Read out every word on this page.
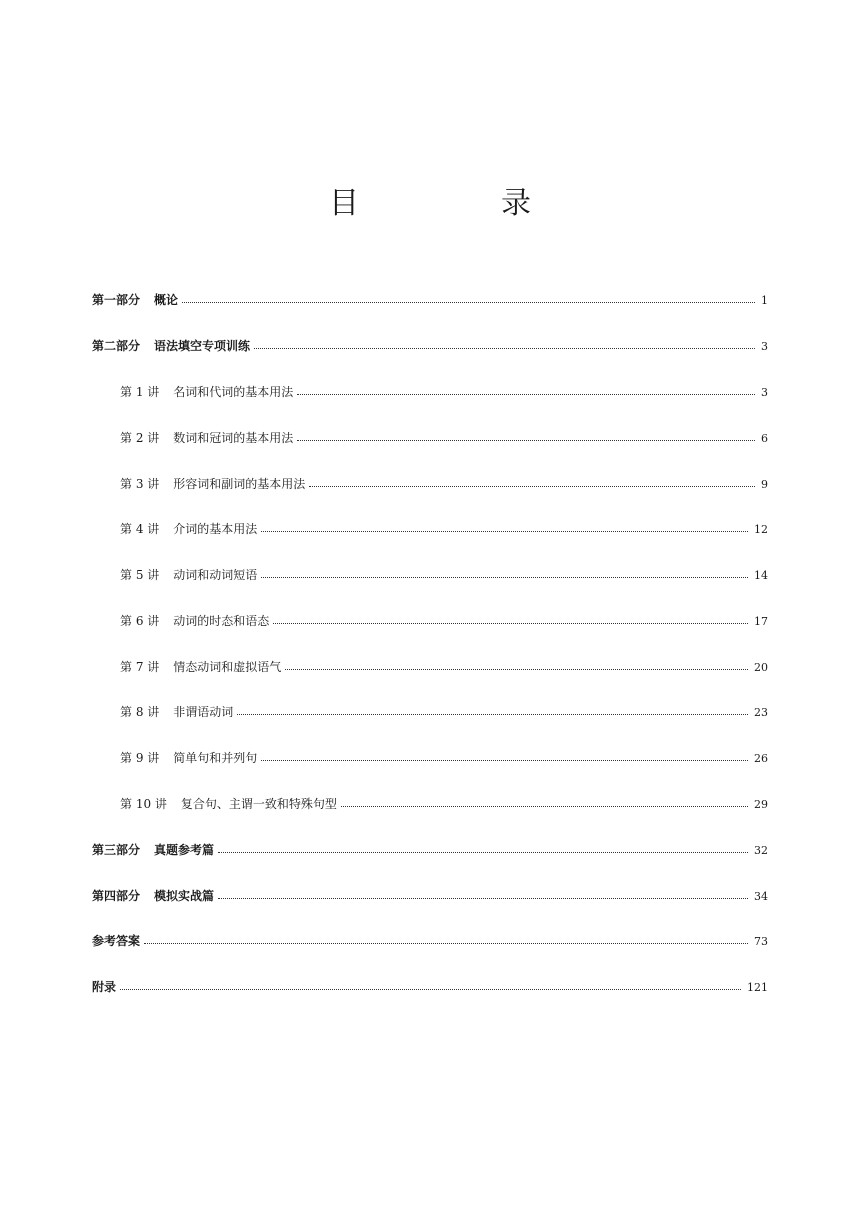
目　录
第一部分 概论	1
第二部分 语法填空专项训练	3
第 1 讲 名词和代词的基本用法	3
第 2 讲 数词和冠词的基本用法	6
第 3 讲 形容词和副词的基本用法	9
第 4 讲 介词的基本用法	12
第 5 讲 动词和动词短语	14
第 6 讲 动词的时态和语态	17
第 7 讲 情态动词和虚拟语气	20
第 8 讲 非谓语动词	23
第 9 讲 简单句和并列句	26
第 10 讲 复合句、主谓一致和特殊句型	29
第三部分 真题参考篇	32
第四部分 模拟实战篇	34
参考答案	73
附录	121
